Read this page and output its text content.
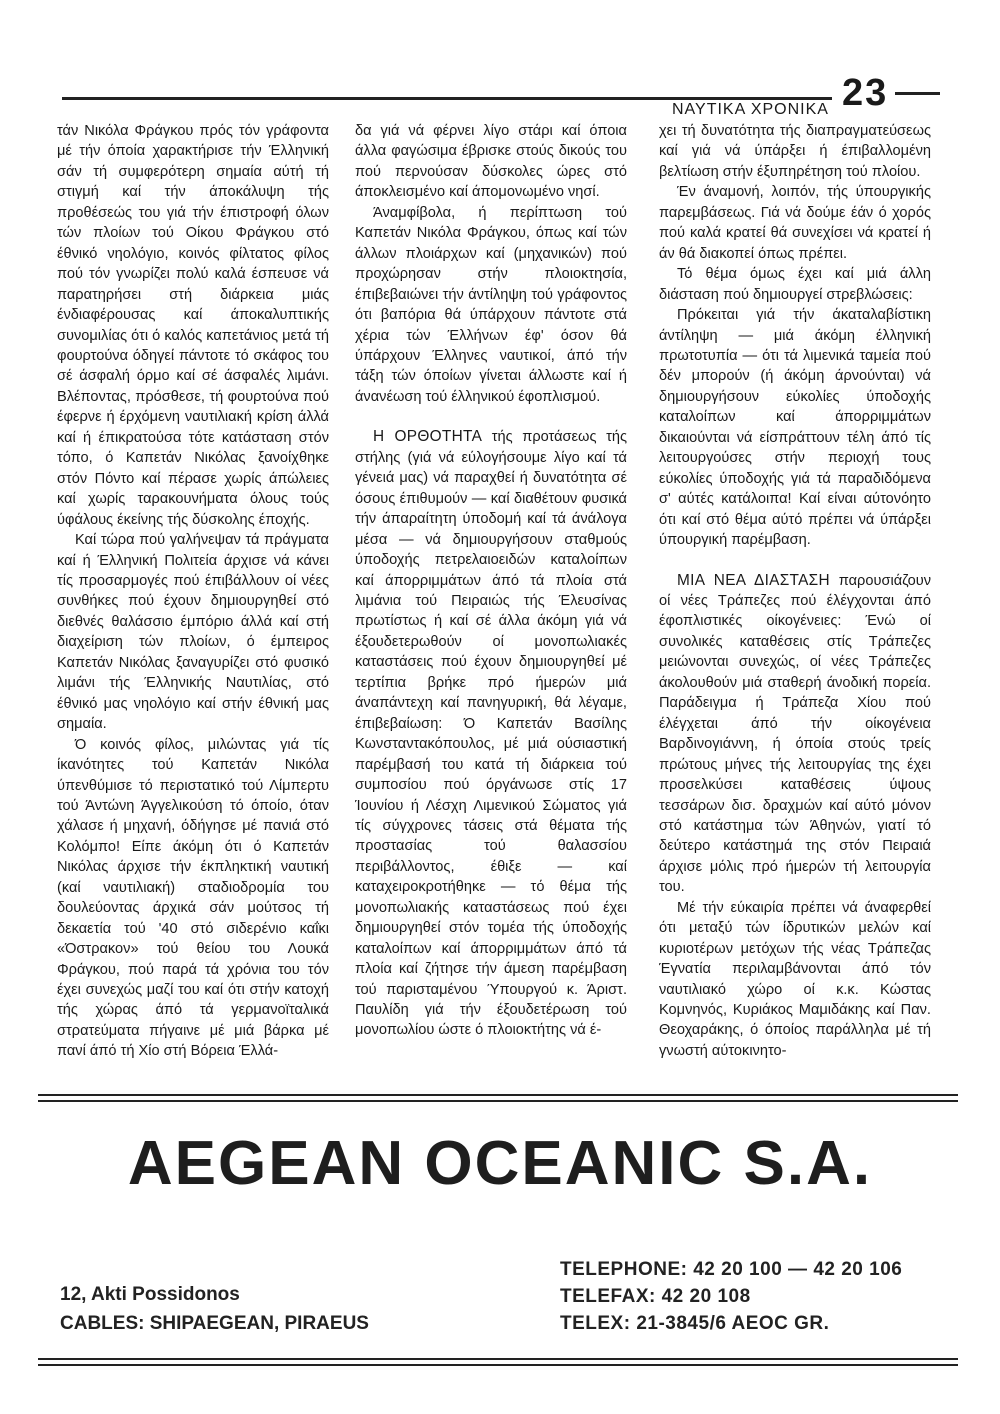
ΝΑΥΤΙΚΑ ΧΡΟΝΙΚΑ 23

τάν Νικόλα Φράγκου πρός τόν γράφοντα μέ τήν όποία χαρακτήρισε τήν Έλληνική σάν τή συμφερότερη σημαία αύτή τή στιγμή καί τήν άποκάλυψη τής προθέσεώς του γιά τήν έπιστροφή όλων τών πλοίων τού Οίκου Φράγκου στό έθνικό νηολόγιο, κοινός φίλτατος φίλος πού τόν γνωρίζει πολύ καλά έσπευσε νά παρατηρήσει στή διάρκεια μιάς ένδιαφέρουσας καί άποκαλυπτικής συνομιλίας ότι ό καλός καπετάνιος μετά τή φουρτούνα όδηγεί πάντοτε τό σκάφος του σέ άσφαλή όρμο καί σέ άσφαλές λιμάνι. Βλέποντας, πρόσθεσε, τή φουρτούνα πού έφερνε ή έρχόμενη ναυτιλιακή κρίση άλλά καί ή έπικρατούσα τότε κατάσταση στόν τόπο, ό Καπετάν Νικόλας ξανοίχθηκε στόν Πόντο καί πέρασε χωρίς άπώλειες καί χωρίς ταρακουνήματα όλους τούς ύφάλους έκείνης τής δύσκολης έποχής.

Καί τώρα πού γαλήνεψαν τά πράγματα καί ή Έλληνική Πολιτεία άρχισε νά κάνει τίς προσαρμογές πού έπιβάλλουν οί νέες συνθήκες πού έχουν δημιουργηθεί στό διεθνές θαλάσσιο έμπόριο άλλά καί στή διαχείριση τών πλοίων, ό έμπειρος Καπετάν Νικόλας ξαναγυρίζει στό φυσικό λιμάνι τής Έλληνικής Ναυτιλίας, στό έθνικό μας νηολόγιο καί στήν έθνική μας σημαία.

Ό κοινός φίλος, μιλώντας γιά τίς ίκανότητες τού Καπετάν Νικόλα ύπενθύμισε τό περιστατικό τού Λίμπερτυ τού Άντώνη Άγγελικούση τό όποίο, όταν χάλασε ή μηχανή, όδήγησε μέ πανιά στό Κολόμπο! Είπε άκόμη ότι ό Καπετάν Νικόλας άρχισε τήν έκπληκτική ναυτική (καί ναυτιλιακή) σταδιοδρομία του δουλεύοντας άρχικά σάν μούτσος τή δεκαετία τού '40 στό σιδερένιο καΐκι «Όστρακον» τού θείου του Λουκά Φράγκου, πού παρά τά χρόνια του τόν έχει συνεχώς μαζί του καί ότι στήν κατοχή τής χώρας άπό τά γερμανοϊταλικά στρατεύματα πήγαινε μέ μιά βάρκα μέ πανί άπό τή Χίο στή Βόρεια Έλλά-

δα γιά νά φέρνει λίγο στάρι καί όποια άλλα φαγώσιμα έβρισκε στούς δικούς του πού περνούσαν δύσκολες ώρες στό άποκλεισμένο καί άπομονωμένο νησί.

Άναμφίβολα, ή περίπτωση τού Καπετάν Νικόλα Φράγκου, όπως καί τών άλλων πλοιάρχων καί (μηχανικών) πού προχώρησαν στήν πλοιοκτησία, έπιβεβαιώνει τήν άντίληψη τού γράφοντος ότι βαπόρια θά ύπάρχουν πάντοτε στά χέρια τών Έλλήνων έφ' όσον θά ύπάρχουν Έλληνες ναυτικοί, άπό τήν τάξη τών όποίων γίνεται άλλωστε καί ή άνανέωση τού έλληνικού έφοπλισμού.

Η ΟΡΘΟΤΗΤΑ τής προτάσεως τής στήλης (γιά νά εύλογήσουμε λίγο καί τά γένειά μας) νά παραχθεί ή δυνατότητα σέ όσους έπιθυμούν — καί διαθέτουν φυσικά τήν άπαραίτητη ύποδομή καί τά άνάλογα μέσα — νά δημιουργήσουν σταθμούς ύποδοχής πετρελαιοειδών καταλοίπων καί άπορριμμάτων άπό τά πλοία στά λιμάνια τού Πειραιώς τής Έλευσίνας πρωτίστως ή καί σέ άλλα άκόμη γιά νά έξουδετερωθούν οί μονοπωλιακές καταστάσεις πού έχουν δημιουργηθεί μέ τερτίπια βρήκε πρό ήμερών μιά άναπάντεχη καί πανηγυρική, θά λέγαμε, έπιβεβαίωση: Ό Καπετάν Βασίλης Κωνσταντακόπουλος, μέ μιά ούσιαστική παρέμβασή του κατά τή διάρκεια τού συμποσίου πού όργάνωσε στίς 17 Ίουνίου ή Λέσχη Λιμενικού Σώματος γιά τίς σύγχρονες τάσεις στά θέματα τής προστασίας τού θαλασσίου περιβάλλοντος, έθιξε — καί καταχειροκροτήθηκε — τό θέμα τής μονοπωλιακής καταστάσεως πού έχει δημιουργηθεί στόν τομέα τής ύποδοχής καταλοίπων καί άπορριμμάτων άπό τά πλοία καί ζήτησε τήν άμεση παρέμβαση τού παρισταμένου Ύπουργού κ. Άριστ. Παυλίδη γιά τήν έξουδετέρωση τού μονοπωλίου ώστε ό πλοιοκτήτης νά έ-

χει τή δυνατότητα τής διαπραγματεύσεως καί γιά νά ύπάρξει ή έπιβαλλομένη βελτίωση στήν έξυπηρέτηση τού πλοίου.

Έν άναμονή, λοιπόν, τής ύπουργικής παρεμβάσεως. Γιά νά δούμε έάν ό χορός πού καλά κρατεί θά συνεχίσει νά κρατεί ή άν θά διακοπεί όπως πρέπει.

Τό θέμα όμως έχει καί μιά άλλη διάσταση πού δημιουργεί στρεβλώσεις:

Πρόκειται γιά τήν άκαταλαβίστικη άντίληψη — μιά άκόμη έλληνική πρωτοτυπία — ότι τά λιμενικά ταμεία πού δέν μπορούν (ή άκόμη άρνούνται) νά δημιουργήσουν εύκολίες ύποδοχής καταλοίπων καί άπορριμμάτων δικαιούνται νά είσπράττουν τέλη άπό τίς λειτουργούσες στήν περιοχή τους εύκολίες ύποδοχής γιά τά παραδιδόμενα σ' αύτές κατάλοιπα! Καί είναι αύτονόητο ότι καί στό θέμα αύτό πρέπει νά ύπάρξει ύπουργική παρέμβαση.

ΜΙΑ ΝΕΑ ΔΙΑΣΤΑΣΗ παρουσιάζουν οί νέες Τράπεζες πού έλέγχονται άπό έφοπλιστικές οίκογένειες: Ένώ οί συνολικές καταθέσεις στίς Τράπεζες μειώνονται συνεχώς, οί νέες Τράπεζες άκολουθούν μιά σταθερή άνοδική πορεία. Παράδειγμα ή Τράπεζα Χίου πού έλέγχεται άπό τήν οίκογένεια Βαρδινογιάννη, ή όποία στούς τρείς πρώτους μήνες τής λειτουργίας της έχει προσελκύσει καταθέσεις ύψους τεσσάρων δισ. δραχμών καί αύτό μόνον στό κατάστημα τών Άθηνών, γιατί τό δεύτερο κατάστημά της στόν Πειραιά άρχισε μόλις πρό ήμερών τή λειτουργία του.

Μέ τήν εύκαιρία πρέπει νά άναφερθεί ότι μεταξύ τών ίδρυτικών μελών καί κυριοτέρων μετόχων τής νέας Τράπεζας Έγνατία περιλαμβάνονται άπό τόν ναυτιλιακό χώρο οί κ.κ. Κώστας Κομνηνός, Κυριάκος Μαμιδάκης καί Παν. Θεοχαράκης, ό όποίος παράλληλα μέ τή γνωστή αύτοκινητο-

AEGEAN OCEANIC S.A.
12, Akti Possidonos
CABLES: SHIPAEGEAN, PIRAEUS
TELEPHONE: 42 20 100 — 42 20 106
TELEFAX: 42 20 108
TELEX: 21-3845/6 AEOC GR.
